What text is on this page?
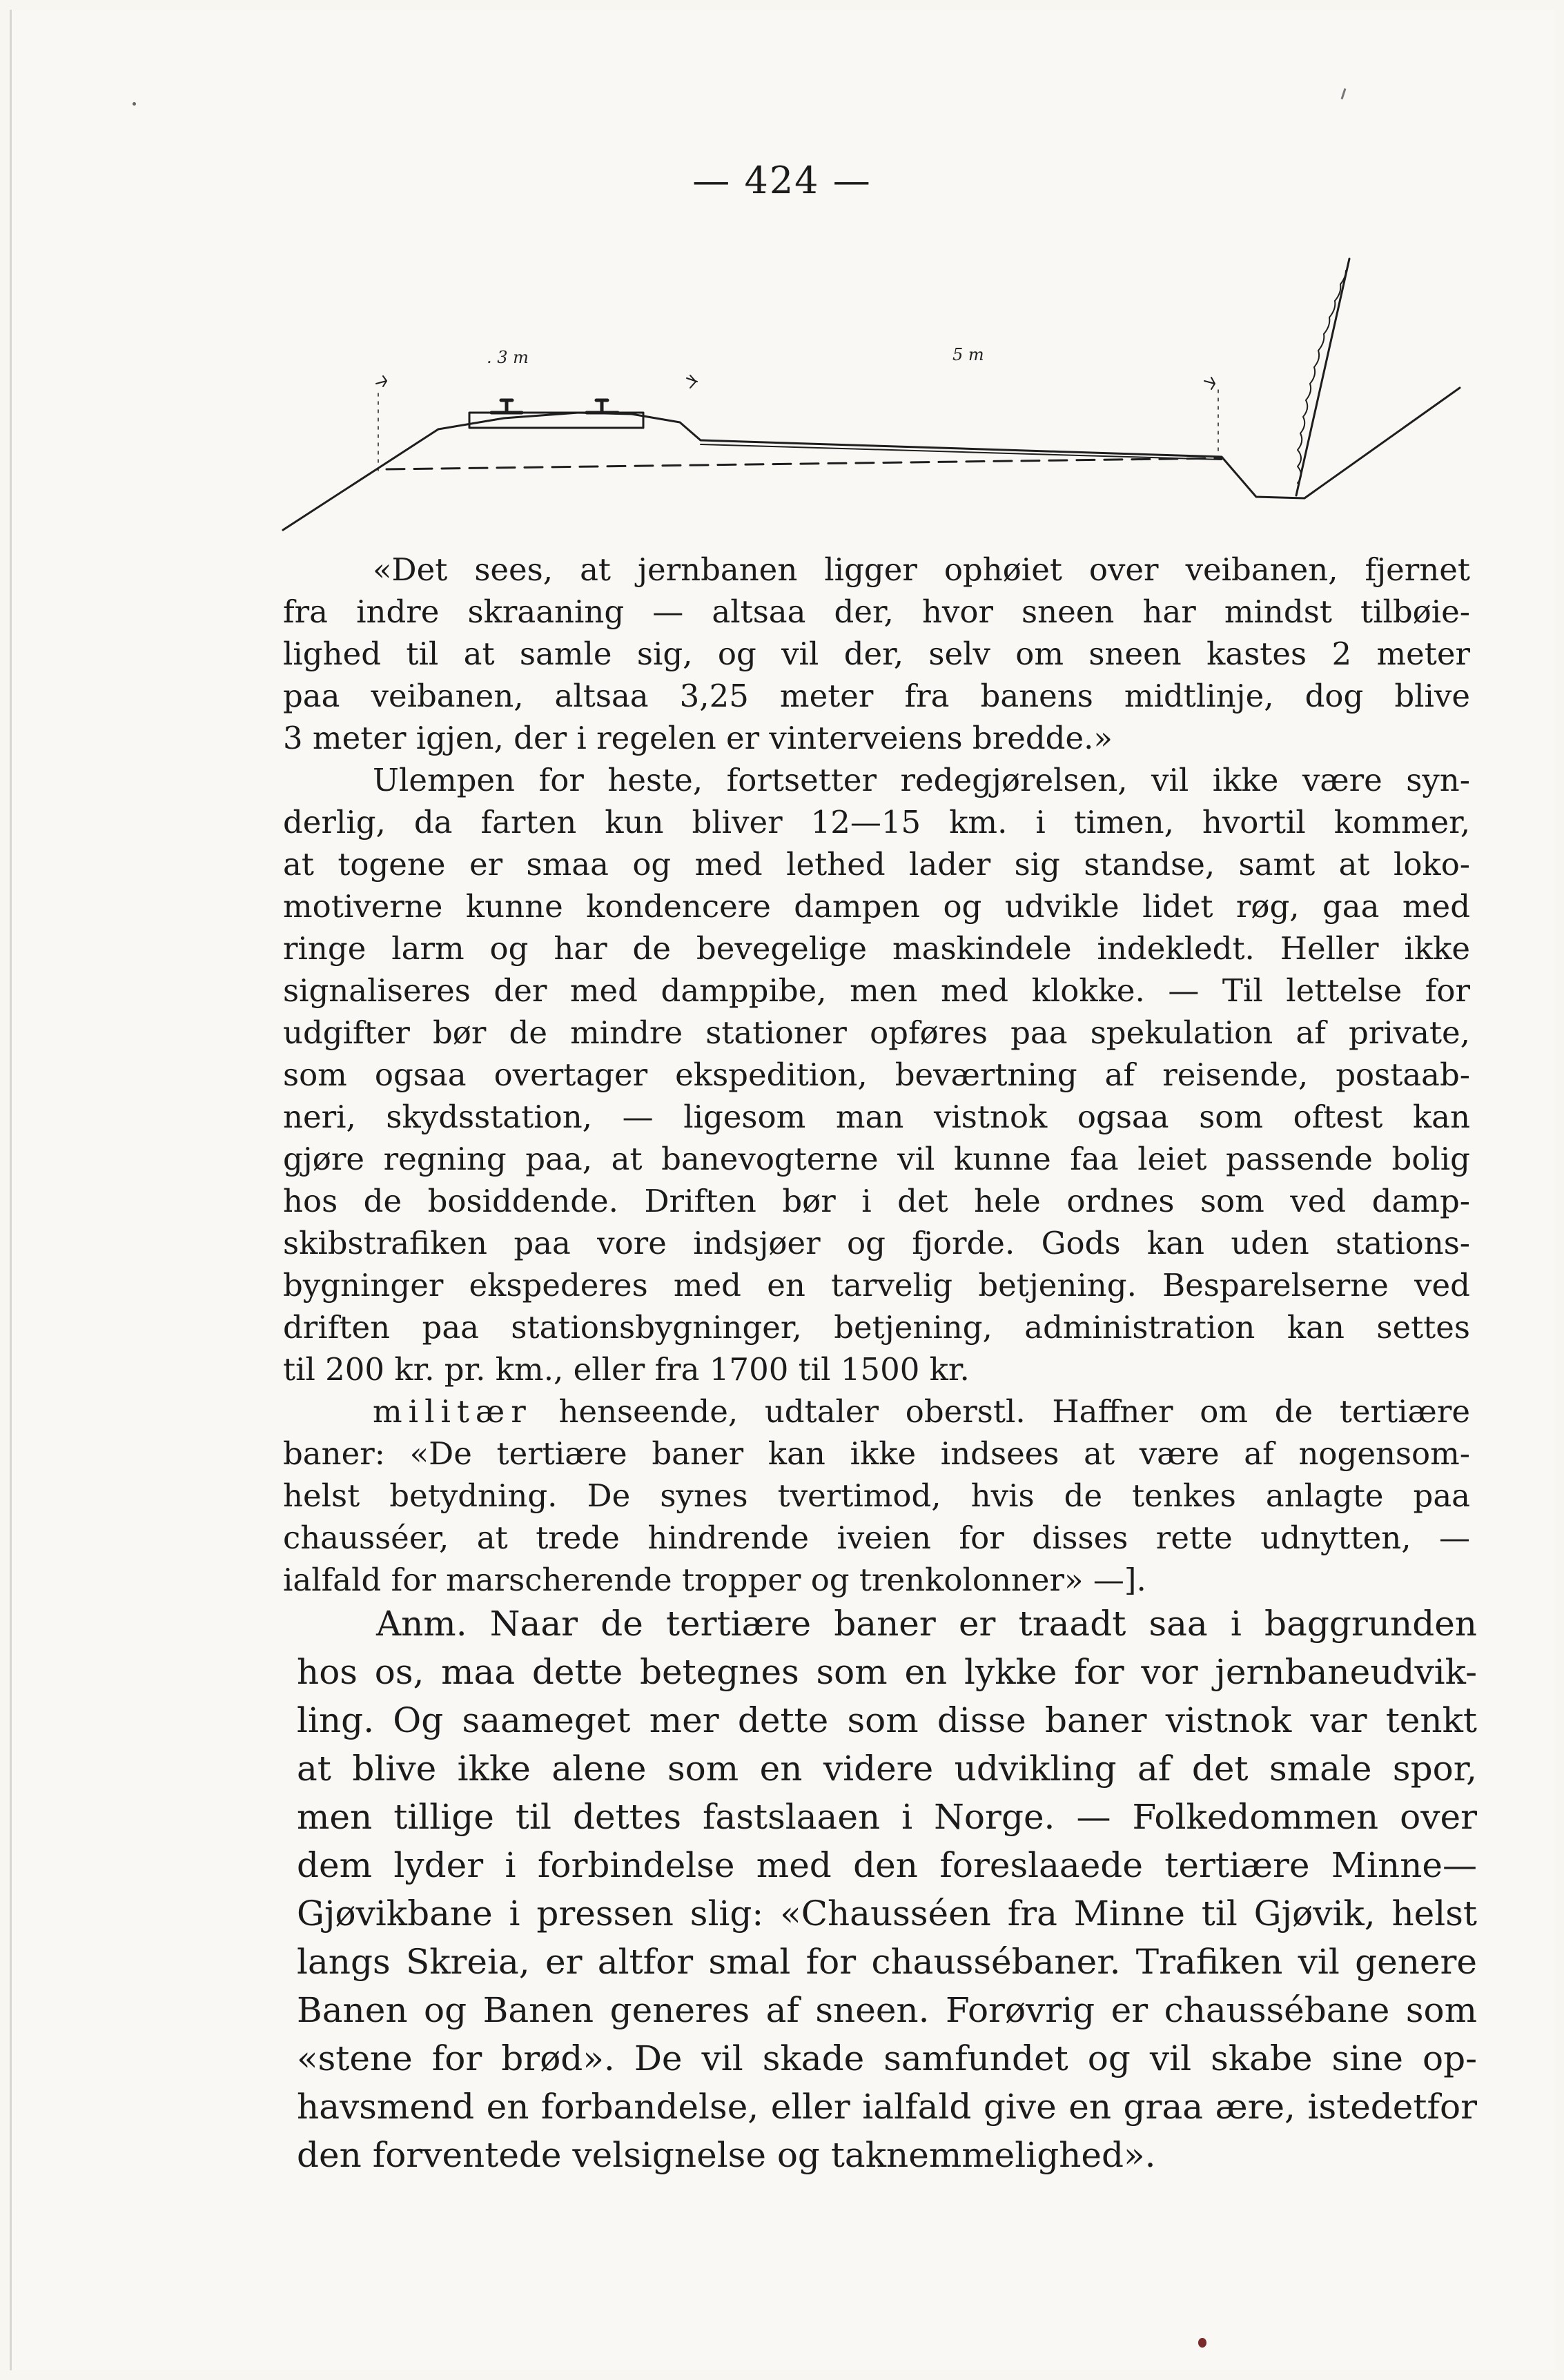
— 424 —
. 3 m	5 m
«Det sees, at jernbanen ligger ophøiet over veibanen, fjernet
fra indre skraaning — altsaa der, hvor sneen har mindst tilbøie-
lighed til at samle sig, og vil der, selv om sneen kastes 2 meter
paa veibanen, altsaa 3,25 meter fra banens midtlinje, dog blive
3 meter igjen, der i regelen er vinterveiens bredde.»
Ulempen for heste, fortsetter redegjørelsen, vil ikke være syn-
derlig, da farten kun bliver 12—15 km. i timen, hvortil kommer,
at togene er smaa og med lethed lader sig standse, samt at loko-
motiverne kunne kondencere dampen og udvikle lidet røg, gaa med
ringe larm og har de bevegelige maskindele indekledt. Heller ikke
signaliseres der med damppibe, men med klokke. — Til lettelse for
udgifter bør de mindre stationer opføres paa spekulation af private,
som ogsaa overtager ekspedition, beværtning af reisende, postaab-
neri, skydsstation, — ligesom man vistnok ogsaa som oftest kan
gjøre regning paa, at banevogterne vil kunne faa leiet passende bolig
hos de bosiddende. Driften bør i det hele ordnes som ved damp-
skibstrafiken paa vore indsjøer og fjorde. Gods kan uden stations-
bygninger ekspederes med en tarvelig betjening. Besparelserne ved
driften paa stationsbygninger, betjening, administration kan settes
til 200 kr. pr. km., eller fra 1700 til 1500 kr.
militær henseende, udtaler oberstl. Haffner om de tertiære
baner: «De tertiære baner kan ikke indsees at være af nogensom-
helst betydning. De synes tvertimod, hvis de tenkes anlagte paa
chausséer, at trede hindrende iveien for disses rette udnytten, —
ialfald for marscherende tropper og trenkolonner» —].
Anm. Naar de tertiære baner er traadt saa i baggrunden
hos os, maa dette betegnes som en lykke for vor jernbaneudvik-
ling. Og saameget mer dette som disse baner vistnok var tenkt
at blive ikke alene som en videre udvikling af det smale spor,
men tillige til dettes fastslaaen i Norge. — Folkedommen over
dem lyder i forbindelse med den foreslaaede tertiære Minne—
Gjøvikbane i pressen slig: «Chausséen fra Minne til Gjøvik, helst
langs Skreia, er altfor smal for chaussébaner. Trafiken vil genere
Banen og Banen generes af sneen. Forøvrig er chaussébane som
«stene for brød». De vil skade samfundet og vil skabe sine op-
havsmend en forbandelse, eller ialfald give en graa ære, istedetfor
den forventede velsignelse og taknemmelighed».
